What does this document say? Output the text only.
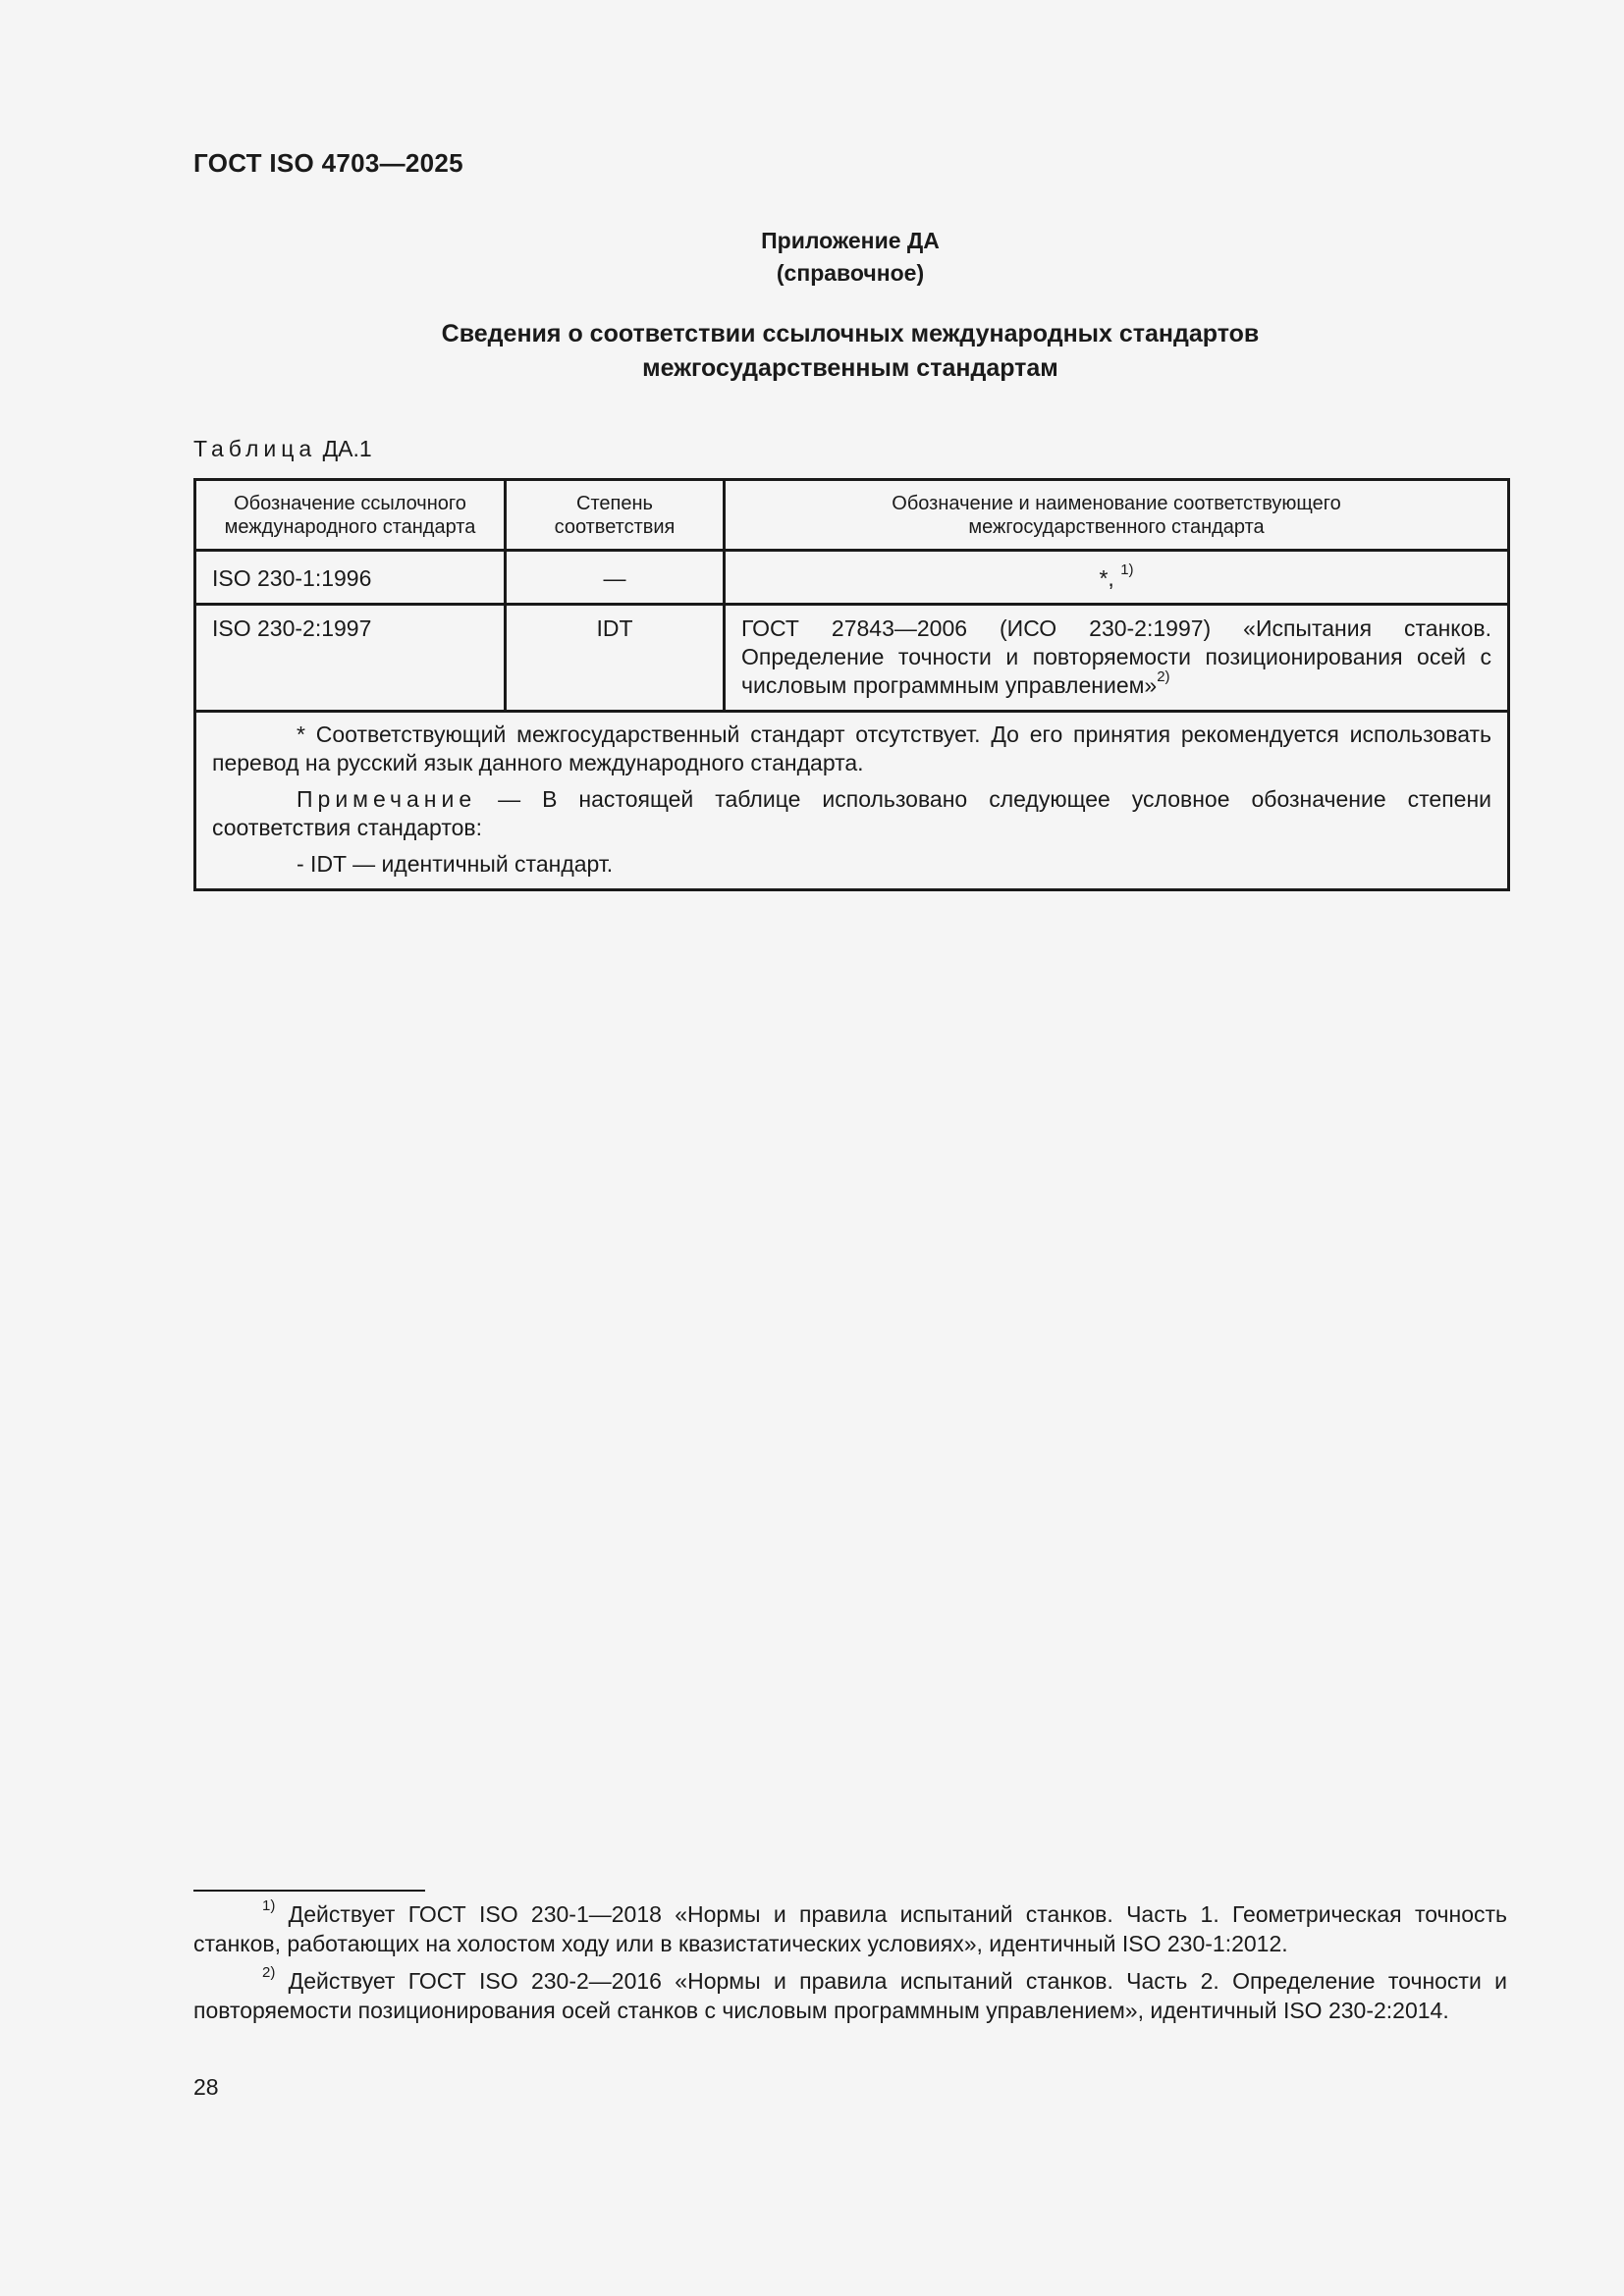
ГОСТ ISO 4703—2025
Приложение ДА
(справочное)
Сведения о соответствии ссылочных международных стандартов
межгосударственным стандартам
Таблица ДА.1
Обозначение ссылочного международного стандарта	Степень соответствия	Обозначение и наименование соответствующего межгосударственного стандарта

ISO 230-1:1996	—	*, $^{1)}$
ISO 230-2:1997	IDT	ГОСТ 27843—2006 (ИСО 230-2:1997) «Испытания станков. Определение точности и повторяемости позиционирования осей с числовым программным управлением»$^{2)}$

* Соответствующий межгосударственный стандарт отсутствует. До его принятия рекомендуется использовать перевод на русский язык данного международного стандарта.

Примечание — В настоящей таблице использовано следующее условное обозначение степени соответствия стандартов:

- IDT — идентичный стандарт.		

$^{1)}$ Действует ГОСТ ISO 230-1—2018 «Нормы и правила испытаний станков. Часть 1. Геометрическая точность станков, работающих на холостом ходу или в квазистатических условиях», идентичный ISO 230-1:2012.

$^{2)}$ Действует ГОСТ ISO 230-2—2016 «Нормы и правила испытаний станков. Часть 2. Определение точности и повторяемости позиционирования осей станков с числовым программным управлением», идентичный ISO 230-2:2014.

28
